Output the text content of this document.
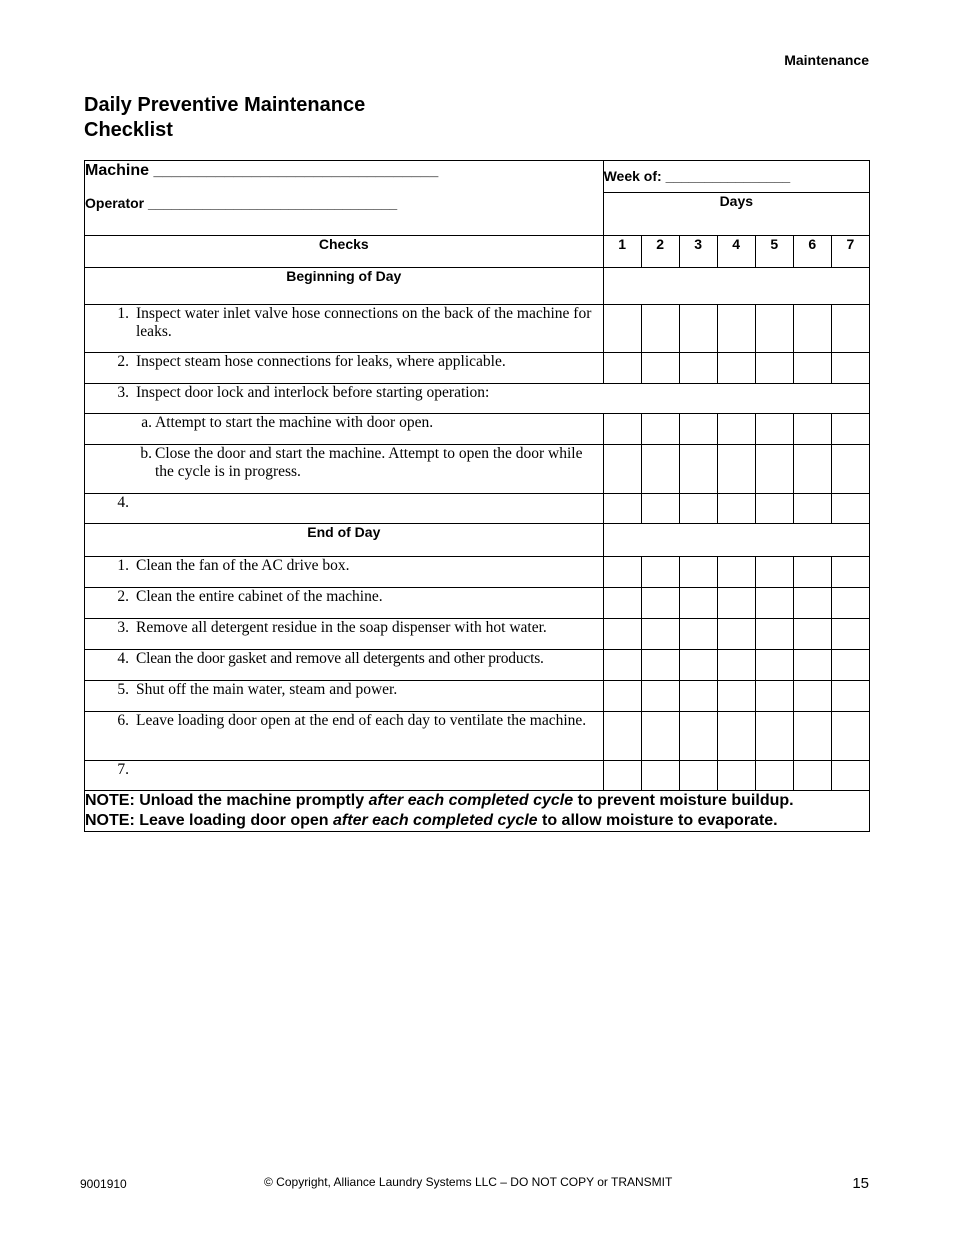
Maintenance
Daily Preventive Maintenance
Checklist
Machine ________________________________
Operator ________________________________	Week of: ________________						
	Days						
Checks	1	2	3	4	5	6	7
Beginning of Day							

1. Inspect water inlet valve hose connections on the back of the machine for leaks.							

2. Inspect steam hose connections for leaks, where applicable.							

3. Inspect door lock and interlock before starting operation:							

a. Attempt to start the machine with door open.							

b. Close the door and start the machine. Attempt to open the door while the cycle is in progress.							

4.							

End of Day							

1. Clean the fan of the AC drive box.							

2. Clean the entire cabinet of the machine.							

3. Remove all detergent residue in the soap dispenser with hot water.							

4. Clean the door gasket and remove all detergents and other products.							

5. Shut off the main water, steam and power.							

6. Leave loading door open at the end of each day to ventilate the machine.							

7.							

NOTE: Unload the machine promptly after each completed cycle to prevent moisture buildup.
NOTE: Leave loading door open after each completed cycle to allow moisture to evaporate.							
9001910	© Copyright, Alliance Laundry Systems LLC – DO NOT COPY or TRANSMIT	15
